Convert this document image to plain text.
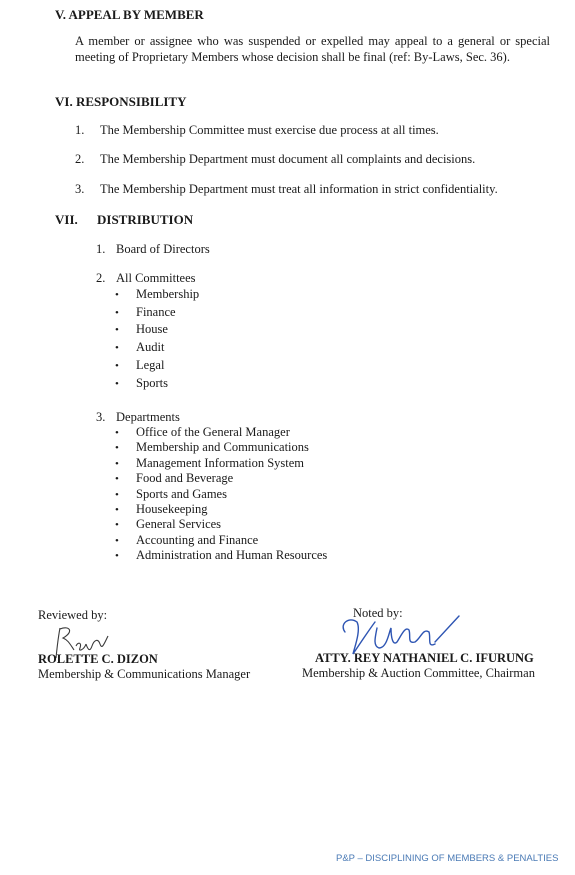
V. APPEAL BY MEMBER
A member or assignee who was suspended or expelled may appeal to a general or special meeting of Proprietary Members whose decision shall be final (ref: By-Laws, Sec. 36).
VI. RESPONSIBILITY
1. The Membership Committee must exercise due process at all times.
2. The Membership Department must document all complaints and decisions.
3. The Membership Department must treat all information in strict confidentiality.
VII. DISTRIBUTION
1. Board of Directors
2. All Committees
• Membership
• Finance
• House
• Audit
• Legal
• Sports
3. Departments
• Office of the General Manager
• Membership and Communications
• Management Information System
• Food and Beverage
• Sports and Games
• Housekeeping
• General Services
• Accounting and Finance
• Administration and Human Resources
Reviewed by:
ROLETTE C. DIZON
Membership & Communications Manager
Noted by:
ATTY. REY NATHANIEL C. IFURUNG
Membership & Auction Committee, Chairman
P&P – DISCIPLINING OF MEMBERS & PENALTIES
